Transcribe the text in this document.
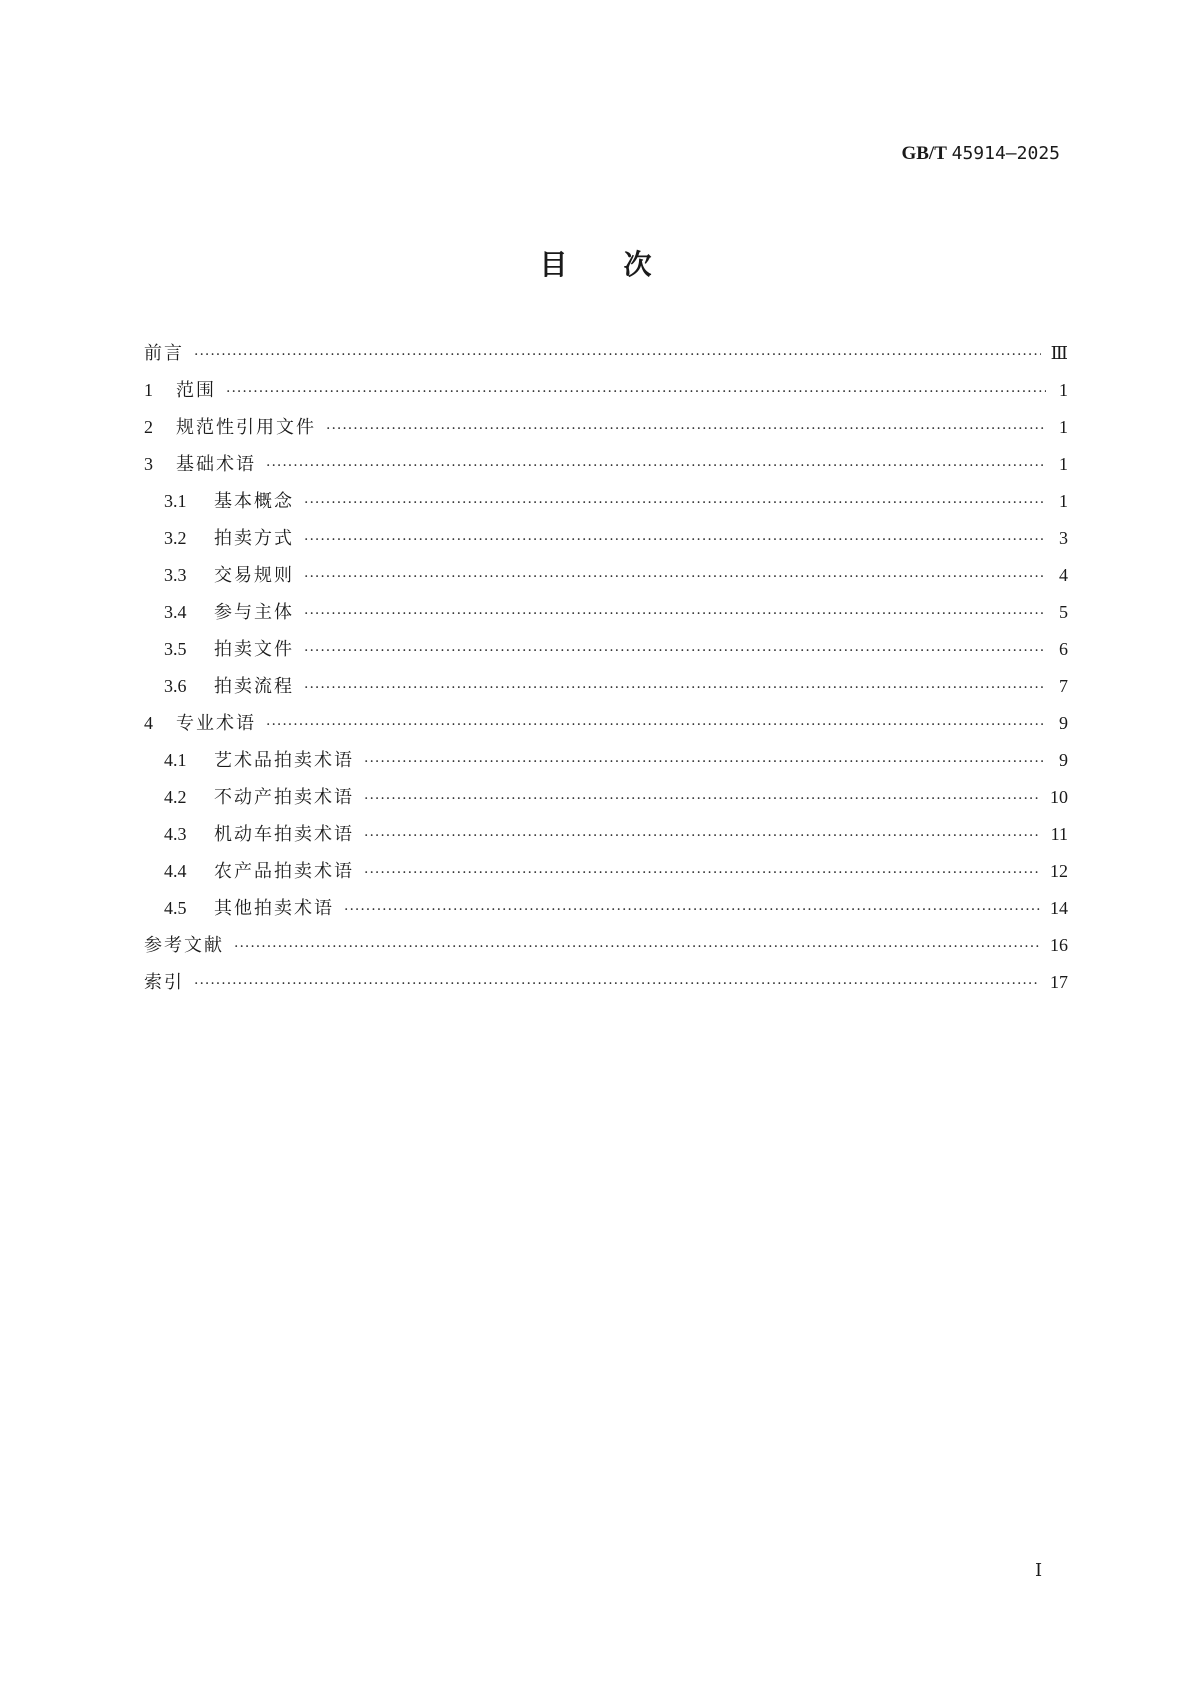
GB/T 45914—2025
目次
前言 ·····	Ⅲ
1	范围 ·····	1
2	规范性引用文件 ·····	1
3	基础术语 ·····	1
3.1	基本概念 ·····	1
3.2	拍卖方式 ·····	3
3.3	交易规则 ·····	4
3.4	参与主体 ·····	5
3.5	拍卖文件 ·····	6
3.6	拍卖流程 ·····	7
4	专业术语 ·····	9
4.1	艺术品拍卖术语 ·····	9
4.2	不动产拍卖术语 ·····	10
4.3	机动车拍卖术语 ·····	11
4.4	农产品拍卖术语 ·····	12
4.5	其他拍卖术语 ·····	14
参考文献 ·····	16
索引 ·····	17
Ⅰ
